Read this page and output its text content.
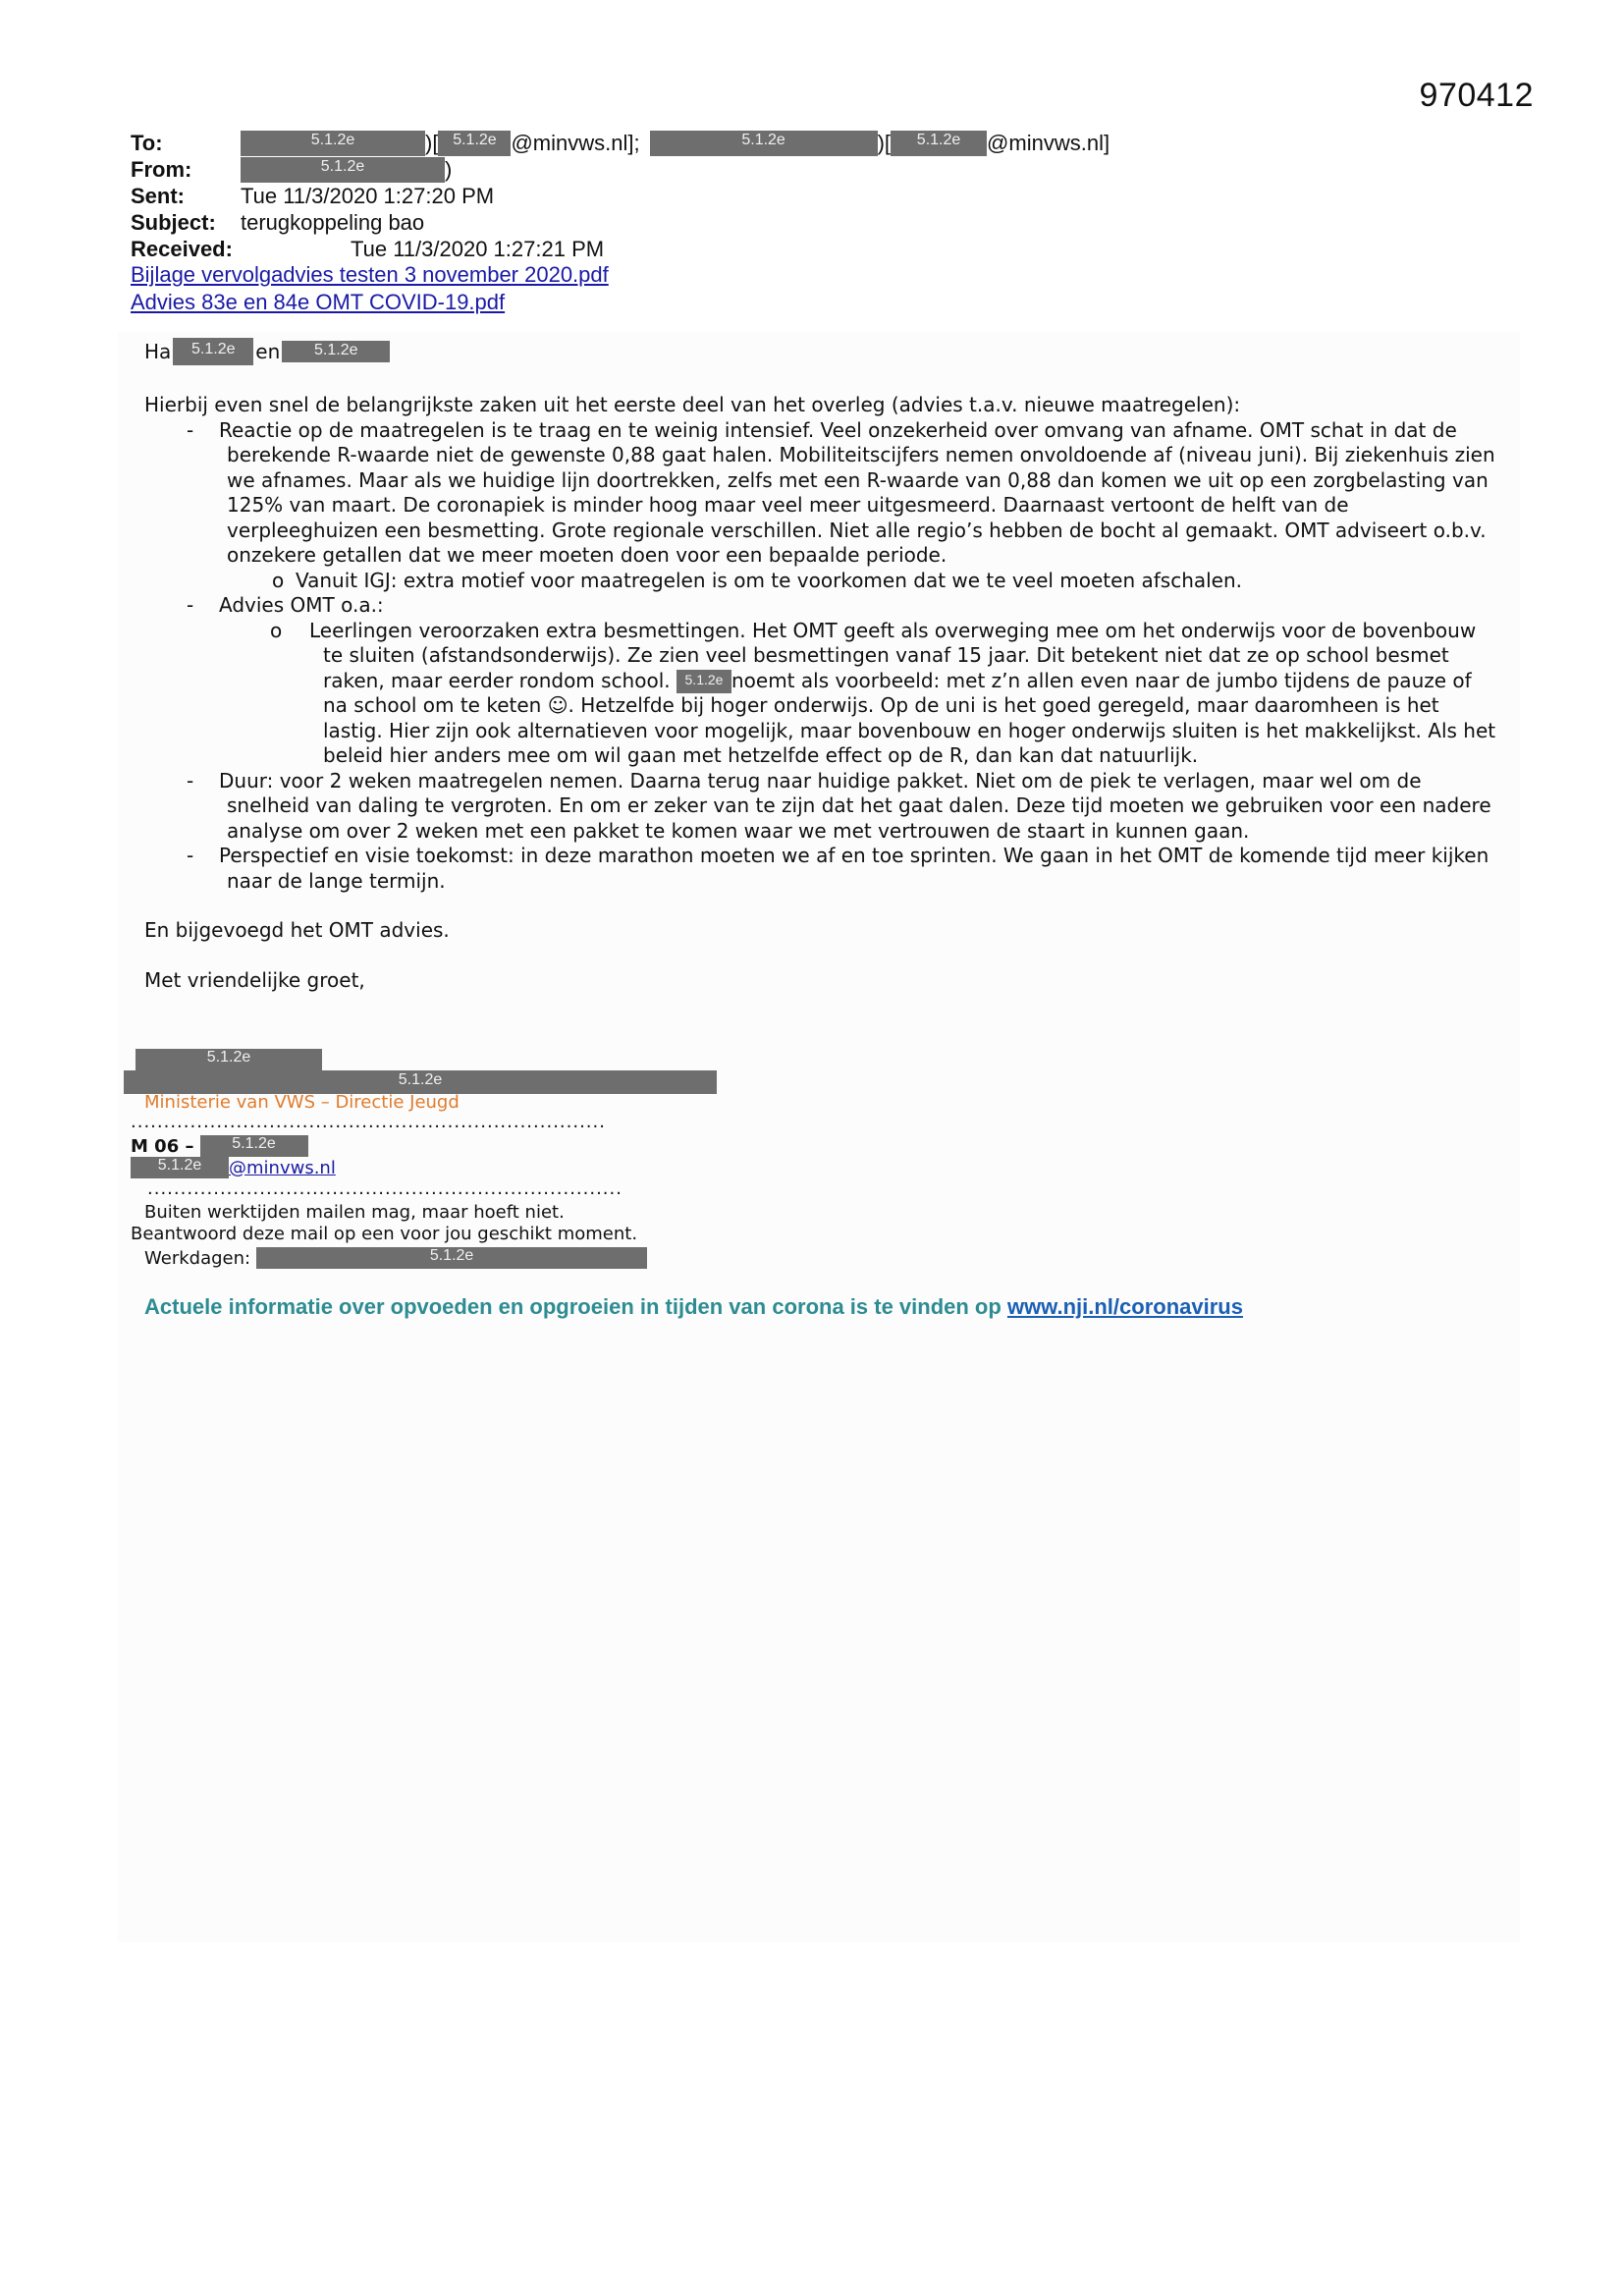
970412
To:	5.1.2e	)[ 5.1.2e @minvws.nl];	5.1.2e	)[	5.1.2e	@minvws.nl]
From:	5.1.2e	)
Sent:	Tue 11/3/2020 1:27:20 PM
Subject:	terugkoppeling bao
Received:	Tue 11/3/2020 1:27:21 PM
Bijlage vervolgadvies testen 3 november 2020.pdf
Advies 83e en 84e OMT COVID-19.pdf
Ha	5.1.2e	en	5.1.2e
Hierbij even snel de belangrijkste zaken uit het eerste deel van het overleg (advies t.a.v. nieuwe maatregelen):
- Reactie op de maatregelen is te traag en te weinig intensief. Veel onzekerheid over omvang van afname. OMT schat in dat de berekende R-waarde niet de gewenste 0,88 gaat halen. Mobiliteitscijfers nemen onvoldoende af (niveau juni). Bij ziekenhuis zien we afnames. Maar als we huidige lijn doortrekken, zelfs met een R-waarde van 0,88 dan komen we uit op een zorgbelasting van 125% van maart. De coronapiek is minder hoog maar veel meer uitgesmeerd. Daarnaast vertoont de helft van de verpleeghuizen een besmetting. Grote regionale verschillen. Niet alle regio’s hebben de bocht al gemaakt. OMT adviseert o.b.v. onzekere getallen dat we meer moeten doen voor een bepaalde periode.
o Vanuit IGJ: extra motief voor maatregelen is om te voorkomen dat we te veel moeten afschalen.
- Advies OMT o.a.:
o Leerlingen veroorzaken extra besmettingen. Het OMT geeft als overweging mee om het onderwijs voor de bovenbouw te sluiten (afstandsonderwijs). Ze zien veel besmettingen vanaf 15 jaar. Dit betekent niet dat ze op school besmet raken, maar eerder rondom school. 5.1.2e noemt als voorbeeld: met z’n allen even naar de jumbo tijdens de pauze of na school om te keten ☺. Hetzelfde bij hoger onderwijs. Op de uni is het goed geregeld, maar daaromheen is het lastig. Hier zijn ook alternatieven voor mogelijk, maar bovenbouw en hoger onderwijs sluiten is het makkelijkst. Als het beleid hier anders mee om wil gaan met hetzelfde effect op de R, dan kan dat natuurlijk.
- Duur: voor 2 weken maatregelen nemen. Daarna terug naar huidige pakket. Niet om de piek te verlagen, maar wel om de snelheid van daling te vergroten. En om er zeker van te zijn dat het gaat dalen. Deze tijd moeten we gebruiken voor een nadere analyse om over 2 weken met een pakket te komen waar we met vertrouwen de staart in kunnen gaan.
- Perspectief en visie toekomst: in deze marathon moeten we af en toe sprinten. We gaan in het OMT de komende tijd meer kijken naar de lange termijn.
En bijgevoegd het OMT advies.
Met vriendelijke groet,
5.1.2e
5.1.2e
Ministerie van VWS – Directie Jeugd
........................................................................
M 06 –	5.1.2e
5.1.2e	@minvws.nl
........................................................................
Buiten werktijden mailen mag, maar hoeft niet.
Beantwoord deze mail op een voor jou geschikt moment.
Werkdagen:	5.1.2e
Actuele informatie over opvoeden en opgroeien in tijden van corona is te vinden op www.nji.nl/coronavirus
